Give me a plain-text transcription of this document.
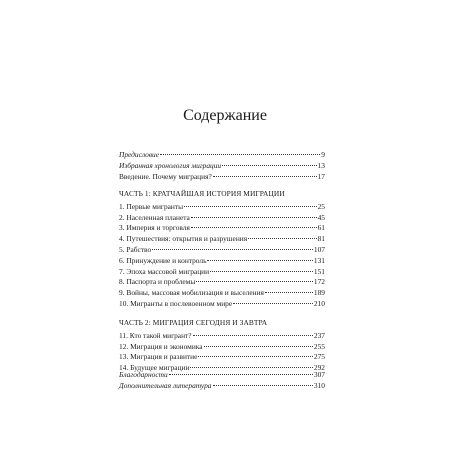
Содержание
Предисловие	9
Избранная хронология миграции	13
Введение. Почему миграция?	17
ЧАСТЬ 1: КРАТЧАЙШАЯ ИСТОРИЯ МИГРАЦИИ
1. Первые мигранты	25
2. Населенная планета	45
3. Империя и торговля	61
4. Путешествия: открытия и разрушения	81
5. Рабство	107
6. Принуждение и контроль	131
7. Эпоха массовой миграции	151
8. Паспорта и проблемы	172
9. Войны, массовая мобилизация и выселения	189
10. Мигранты в послевоенном мире	210
ЧАСТЬ 2: МИГРАЦИЯ СЕГОДНЯ И ЗАВТРА
11. Кто такой мигрант?	237
12. Миграция и экономика	255
13. Миграция и развитие	275
14. Будущее миграции	292
Благодарности	307
Дополнительная литература	310
